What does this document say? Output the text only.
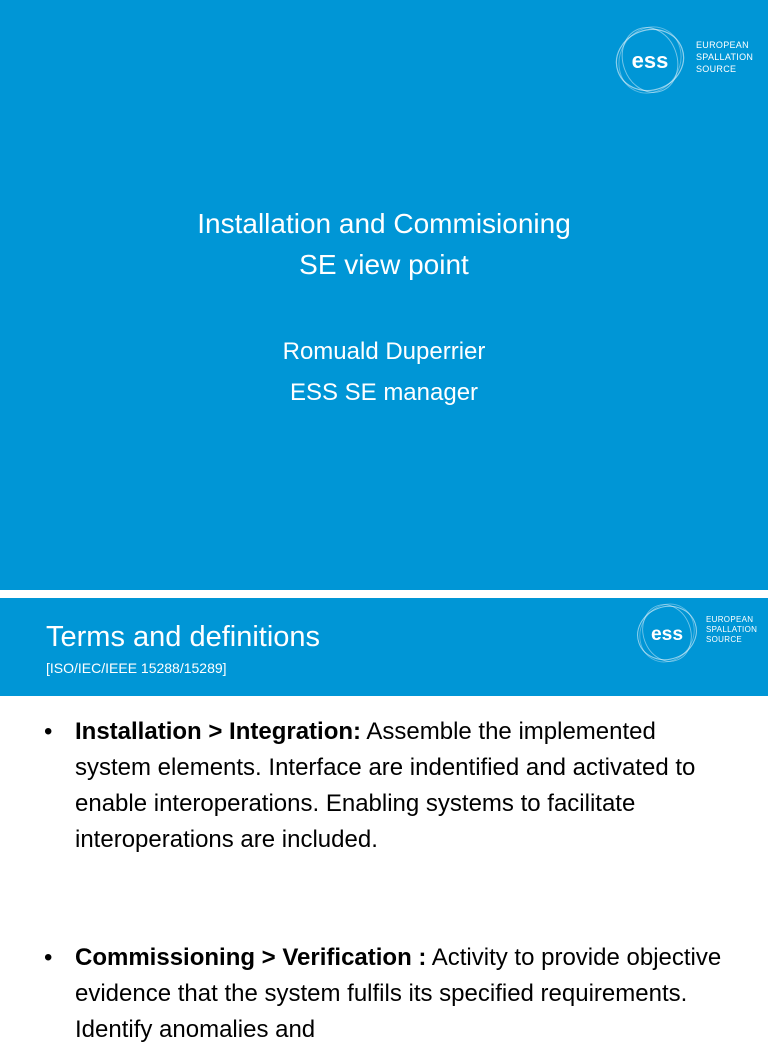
ess
EUROPEAN
SPALLATION
SOURCE
Installation and Commisioning
SE view point
Romuald Duperrier
ESS SE manager
Terms and definitions
[ISO/IEC/IEEE 15288/15289]
ess
EUROPEAN
SPALLATION
SOURCE
• Installation > Integration: Assemble the implemented system elements. Interface are indentified and activated to enable interoperations. Enabling systems to facilitate interoperations are included.
• Commissioning > Verification : Activity to provide objective evidence that the system fulfils its specified requirements. Identify anomalies and
